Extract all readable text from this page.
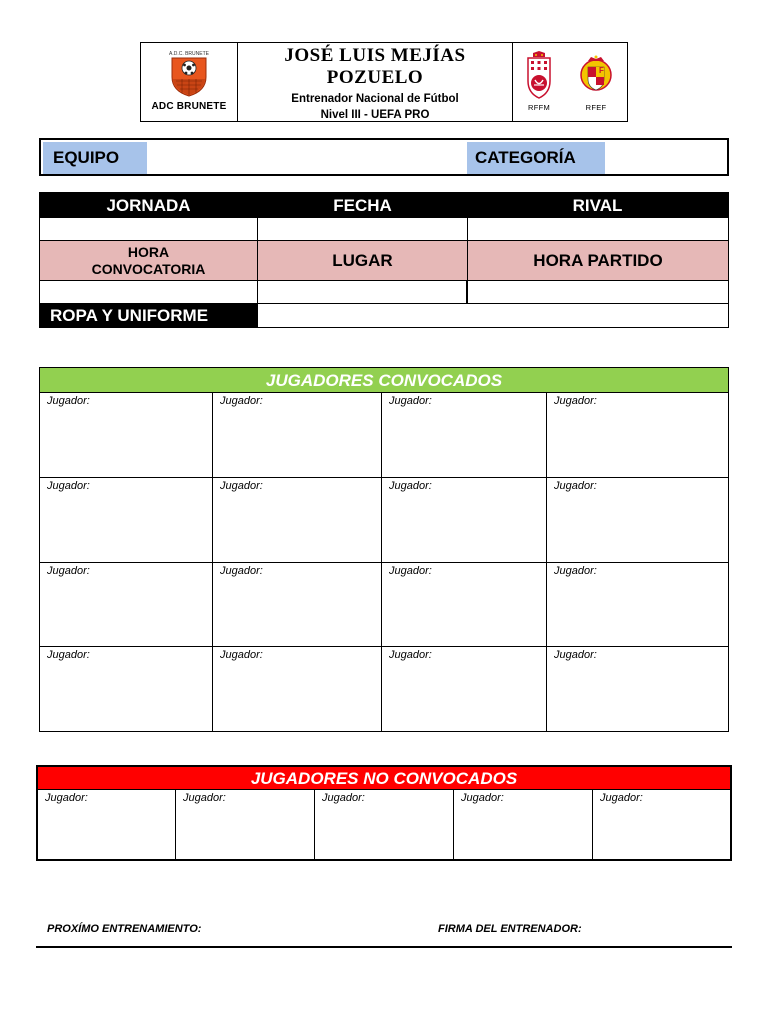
A.D.C. BRUNETE
ADC BRUNETE
JOSÉ LUIS MEJÍAS POZUELO
Entrenador Nacional de Fútbol
Nivel III - UEFA PRO
RFFM
F
RFEF
EQUIPO	CATEGORÍA
JORNADA	FECHA	RIVAL
HORA
CONVOCATORIA	LUGAR	HORA PARTIDO
ROPA Y UNIFORME
JUGADORES CONVOCADOS
Jugador:	Jugador:	Jugador:	Jugador:
Jugador:	Jugador:	Jugador:	Jugador:
Jugador:	Jugador:	Jugador:	Jugador:
Jugador:	Jugador:	Jugador:	Jugador:
JUGADORES NO CONVOCADOS
Jugador:	Jugador:	Jugador:	Jugador:	Jugador:
PROXÍMO ENTRENAMIENTO:	FIRMA DEL ENTRENADOR:
